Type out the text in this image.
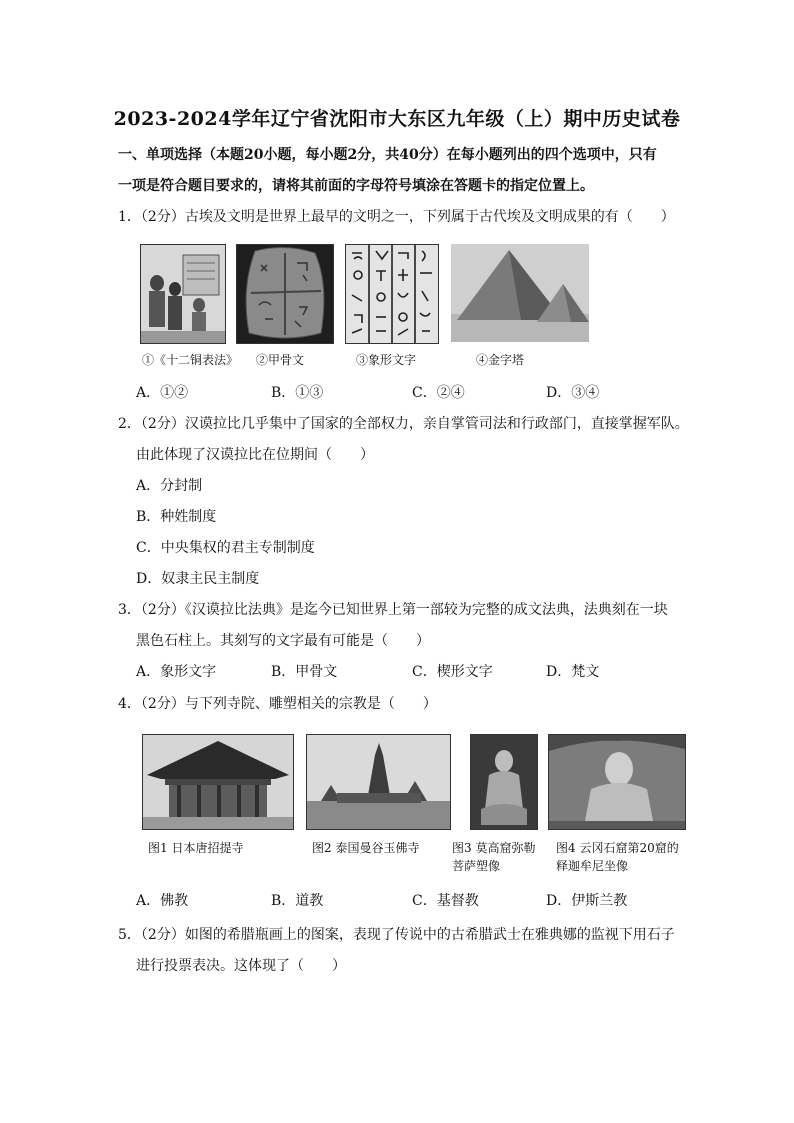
2023-2024学年辽宁省沈阳市大东区九年级（上）期中历史试卷
一、单项选择（本题20小题，每小题2分，共40分）在每小题列出的四个选项中，只有
一项是符合题目要求的，请将其前面的字母符号填涂在答题卡的指定位置上。
1．（2分）古埃及文明是世界上最早的文明之一，下列属于古代埃及文明成果的有（　　）
①《十二铜表法》 ②甲骨文	③象形文字	④金字塔
A．①②	B．①③	C．②④	D．③④
2．（2分）汉谟拉比几乎集中了国家的全部权力，亲自掌管司法和行政部门，直接掌握军队。
由此体现了汉谟拉比在位期间（　　）
A．分封制
B．种姓制度
C．中央集权的君主专制制度
D．奴隶主民主制度
3．（2分）《汉谟拉比法典》是迄今已知世界上第一部较为完整的成文法典，法典刻在一块
黑色石柱上。其刻写的文字最有可能是（　　）
A．象形文字	B．甲骨文	C．楔形文字	D．梵文
4．（2分）与下列寺院、雕塑相关的宗教是（　　）
图1 日本唐招提寺	图2 泰国曼谷玉佛寺	图3 莫高窟弥勒菩萨塑像
图4 云冈石窟第20窟的释迦牟尼坐像
A．佛教	B．道教	C．基督教	D．伊斯兰教
5．（2分）如图的希腊瓶画上的图案，表现了传说中的古希腊武士在雅典娜的监视下用石子
进行投票表决。这体现了（　　）
